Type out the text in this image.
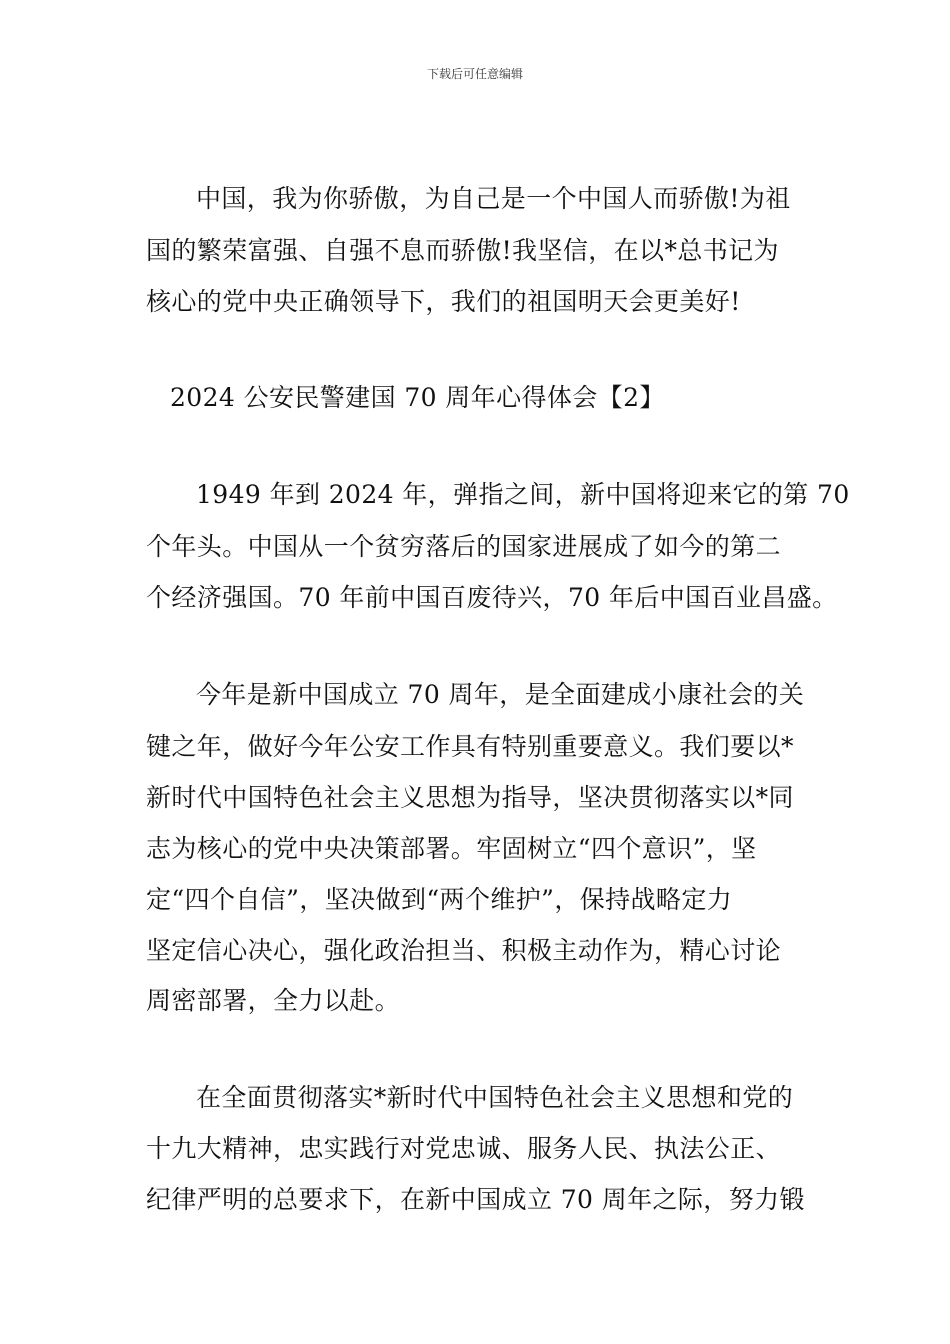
下载后可任意编辑
中国，我为你骄傲，为自己是一个中国人而骄傲!为祖
国的繁荣富强、自强不息而骄傲!我坚信，在以*总书记为
核心的党中央正确领导下，我们的祖国明天会更美好!
2024 公安民警建国 70 周年心得体会【2】
1949 年到 2024 年，弹指之间，新中国将迎来它的第 70
个年头。中国从一个贫穷落后的国家进展成了如今的第二
个经济强国。70 年前中国百废待兴，70 年后中国百业昌盛。
今年是新中国成立 70 周年，是全面建成小康社会的关
键之年，做好今年公安工作具有特别重要意义。我们要以*
新时代中国特色社会主义思想为指导，坚决贯彻落实以*同
志为核心的党中央决策部署。牢固树立“四个意识”，坚
定“四个自信”，坚决做到“两个维护”，保持战略定力
坚定信心决心，强化政治担当、积极主动作为，精心讨论
周密部署，全力以赴。
在全面贯彻落实*新时代中国特色社会主义思想和党的
十九大精神，忠实践行对党忠诚、服务人民、执法公正、
纪律严明的总要求下，在新中国成立 70 周年之际，努力锻
